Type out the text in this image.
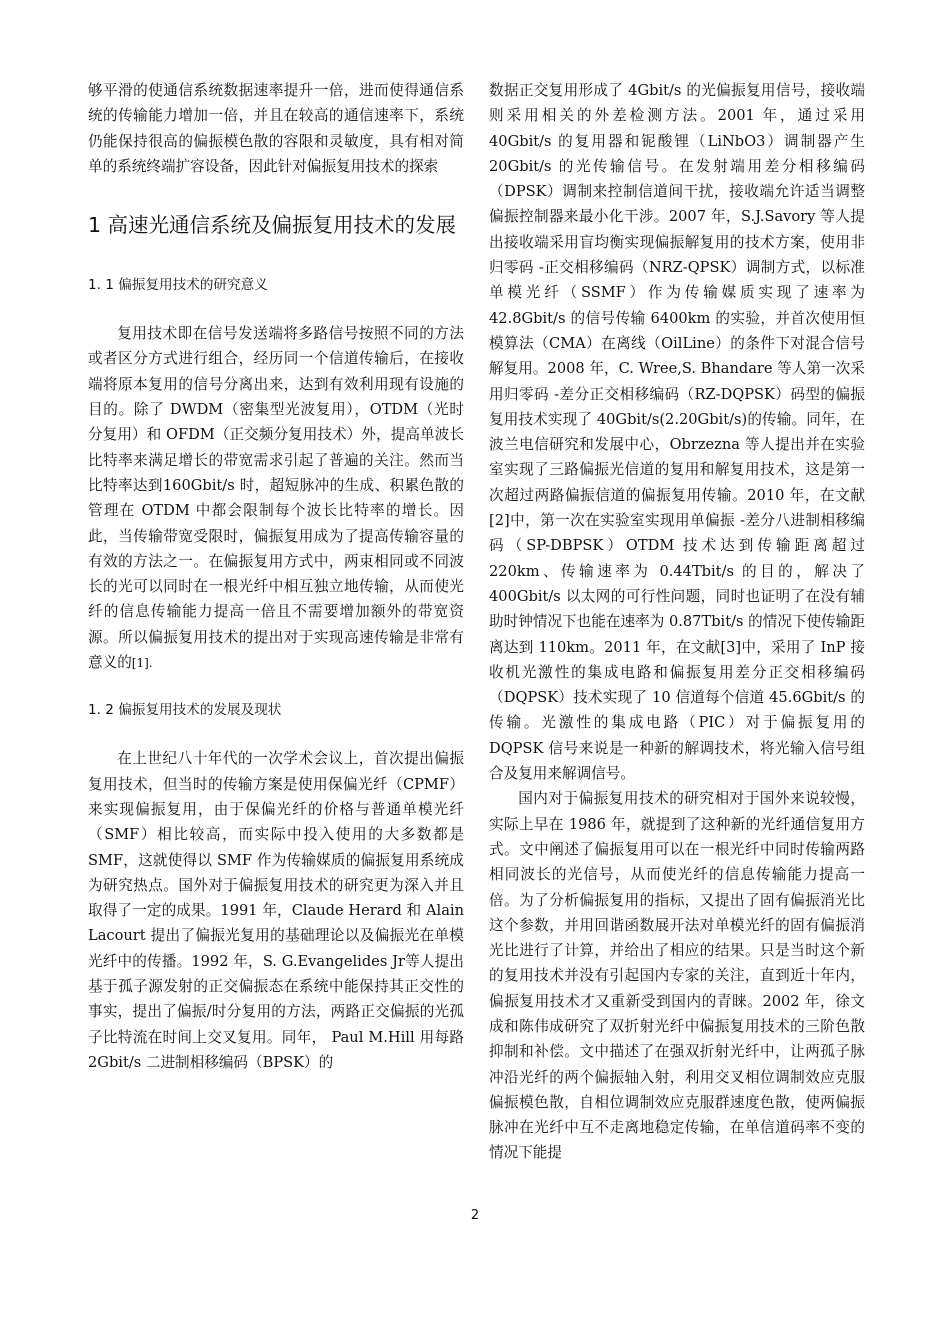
够平滑的使通信系统数据速率提升一倍，进而使得通信系统的传输能力增加一倍，并且在较高的通信速率下，系统仍能保持很高的偏振模色散的容限和灵敏度，具有相对简单的系统终端扩容设备，因此针对偏振复用技术的探索

1 高速光通信系统及偏振复用技术的发展
1. 1 偏振复用技术的研究意义

复用技术即在信号发送端将多路信号按照不同的方法或者区分方式进行组合，经历同一个信道传输后，在接收端将原本复用的信号分离出来，达到有效利用现有设施的目的。除了 DWDM（密集型光波复用），OTDM（光时分复用）和 OFDM（正交频分复用技术）外，提高单波长比特率来满足增长的带宽需求引起了普遍的关注。然而当比特率达到160Gbit/s 时，超短脉冲的生成、积累色散的管理在 OTDM 中都会限制每个波长比特率的增长。因此，当传输带宽受限时，偏振复用成为了提高传输容量的有效的方法之一。在偏振复用方式中，两束相同或不同波长的光可以同时在一根光纤中相互独立地传输，从而使光纤的信息传输能力提高一倍且不需要增加额外的带宽资源。所以偏振复用技术的提出对于实现高速传输是非常有意义的[1].

1. 2 偏振复用技术的发展及现状

在上世纪八十年代的一次学术会议上，首次提出偏振复用技术，但当时的传输方案是使用保偏光纤（CPMF）来实现偏振复用，由于保偏光纤的价格与普通单模光纤（SMF）相比较高，而实际中投入使用的大多数都是 SMF，这就使得以 SMF 作为传输媒质的偏振复用系统成为研究热点。国外对于偏振复用技术的研究更为深入并且取得了一定的成果。1991 年，Claude Herard 和 Alain Lacourt 提出了偏振光复用的基础理论以及偏振光在单模光纤中的传播。1992 年，S. G.Evangelides Jr等人提出基于孤子源发射的正交偏振态在系统中能保持其正交性的事实，提出了偏振/时分复用的方法，两路正交偏振的光孤子比特流在时间上交叉复用。同年， Paul M.Hill 用每路 2Gbit/s 二进制相移编码（BPSK）的

数据正交复用形成了 4Gbit/s 的光偏振复用信号，接收端则采用相关的外差检测方法。2001 年，通过采用 40Gbit/s 的复用器和铌酸锂（LiNbO3）调制器产生 20Gbit/s 的光传输信号。在发射端用差分相移编码（DPSK）调制来控制信道间干扰，接收端允许适当调整偏振控制器来最小化干涉。2007 年，S.J.Savory 等人提出接收端采用盲均衡实现偏振解复用的技术方案，使用非归零码 -正交相移编码（NRZ-QPSK）调制方式，以标准单模光纤（SSMF）作为传输媒质实现了速率为 42.8Gbit/s 的信号传输 6400km 的实验，并首次使用恒模算法（CMA）在离线（OilLine）的条件下对混合信号解复用。2008 年，C. Wree,S. Bhandare 等人第一次采用归零码 -差分正交相移编码（RZ-DQPSK）码型的偏振复用技术实现了 40Gbit/s(2.20Gbit/s)的传输。同年，在波兰电信研究和发展中心，Obrzezna 等人提出并在实验室实现了三路偏振光信道的复用和解复用技术，这是第一次超过两路偏振信道的偏振复用传输。2010 年，在文献[2]中，第一次在实验室实现用单偏振 -差分八进制相移编码（SP-DBPSK）OTDM 技术达到传输距离超过 220km、传输速率为 0.44Tbit/s 的目的，解决了 400Gbit/s 以太网的可行性问题，同时也证明了在没有辅助时钟情况下也能在速率为 0.87Tbit/s 的情况下使传输距离达到 110km。2011 年，在文献[3]中，采用了 InP 接收机光激性的集成电路和偏振复用差分正交相移编码（DQPSK）技术实现了 10 信道每个信道 45.6Gbit/s 的传输。光激性的集成电路（PIC）对于偏振复用的 DQPSK 信号来说是一种新的解调技术，将光输入信号组合及复用来解调信号。

国内对于偏振复用技术的研究相对于国外来说较慢，实际上早在 1986 年，就提到了这种新的光纤通信复用方式。文中阐述了偏振复用可以在一根光纤中同时传输两路相同波长的光信号，从而使光纤的信息传输能力提高一倍。为了分析偏振复用的指标，又提出了固有偏振消光比这个参数，并用回谐函数展开法对单模光纤的固有偏振消光比进行了计算，并给出了相应的结果。只是当时这个新的复用技术并没有引起国内专家的关注，直到近十年内，偏振复用技术才又重新受到国内的青睐。2002 年，徐文成和陈伟成研究了双折射光纤中偏振复用技术的三阶色散抑制和补偿。文中描述了在强双折射光纤中，让两孤子脉冲沿光纤的两个偏振轴入射，利用交叉相位调制效应克服偏振模色散，自相位调制效应克服群速度色散，使两偏振脉冲在光纤中互不走离地稳定传输，在单信道码率不变的情况下能提

2
